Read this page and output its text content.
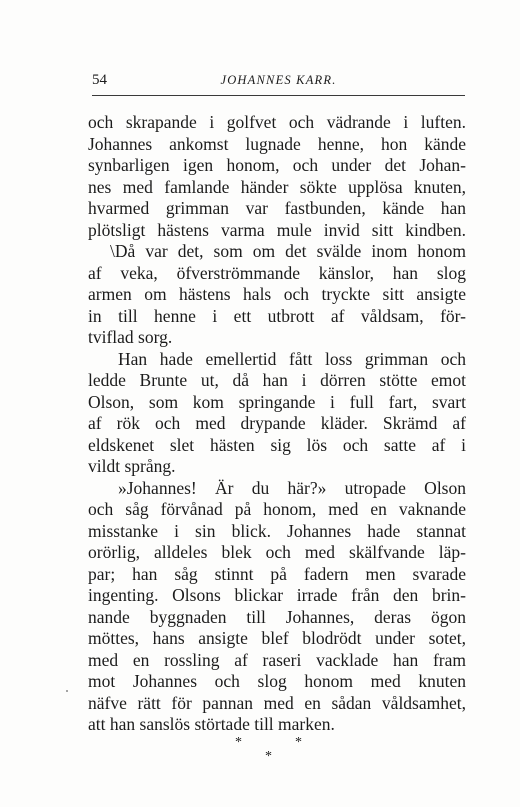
54	JOHANNES KARR.
och skrapande i golfvet och vädrande i luften.
Johannes ankomst lugnade henne, hon kände
synbarligen igen honom, och under det Johan-
nes med famlande händer sökte upplösa knuten,
hvarmed grimman var fastbunden, kände han
plötsligt hästens varma mule invid sitt kindben.
\Då var det, som om det svälde inom honom
af veka, öfverströmmande känslor, han slog
armen om hästens hals och tryckte sitt ansigte
in till henne i ett utbrott af våldsam, för-
tviflad sorg.
Han hade emellertid fått loss grimman och
ledde Brunte ut, då han i dörren stötte emot
Olson, som kom springande i full fart, svart
af rök och med drypande kläder. Skrämd af
eldskenet slet hästen sig lös och satte af i
vildt språng.
»Johannes! Är du här?» utropade Olson
och såg förvånad på honom, med en vaknande
misstanke i sin blick. Johannes hade stannat
orörlig, alldeles blek och med skälfvande läp-
par; han såg stinnt på fadern men svarade
ingenting. Olsons blickar irrade från den brin-
nande byggnaden till Johannes, deras ögon
möttes, hans ansigte blef blodrödt under sotet,
med en rossling af raseri vacklade han fram
mot Johannes och slog honom med knuten
näfve rätt för pannan med en sådan våldsamhet,
att han sanslös störtade till marken.
*	*
*
